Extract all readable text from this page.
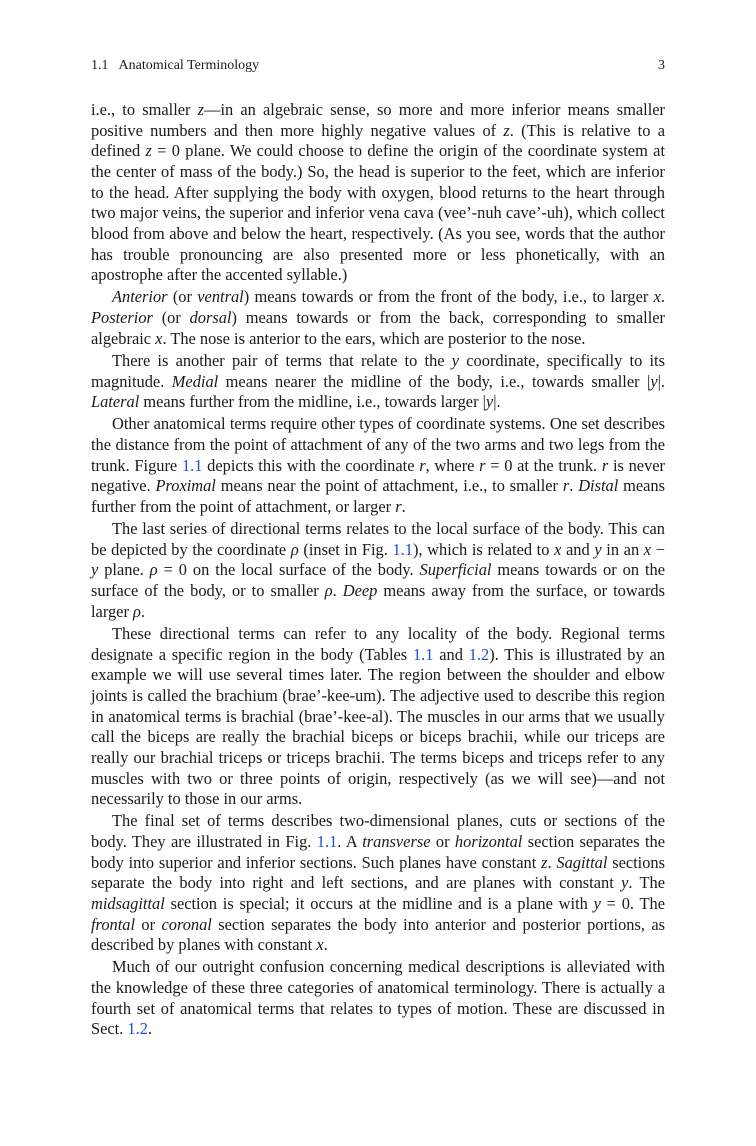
1.1 Anatomical Terminology	3

i.e., to smaller z—in an algebraic sense, so more and more inferior means smaller positive numbers and then more highly negative values of z. (This is relative to a defined z = 0 plane. We could choose to define the origin of the coordinate system at the center of mass of the body.) So, the head is superior to the feet, which are inferior to the head. After supplying the body with oxygen, blood returns to the heart through two major veins, the superior and inferior vena cava (vee’-nuh cave’-uh), which collect blood from above and below the heart, respectively. (As you see, words that the author has trouble pronouncing are also presented more or less phonetically, with an apostrophe after the accented syllable.)

Anterior (or ventral) means towards or from the front of the body, i.e., to larger x. Posterior (or dorsal) means towards or from the back, corresponding to smaller algebraic x. The nose is anterior to the ears, which are posterior to the nose.

There is another pair of terms that relate to the y coordinate, specifically to its magnitude. Medial means nearer the midline of the body, i.e., towards smaller |y|. Lateral means further from the midline, i.e., towards larger |y|.

Other anatomical terms require other types of coordinate systems. One set describes the distance from the point of attachment of any of the two arms and two legs from the trunk. Figure 1.1 depicts this with the coordinate r, where r = 0 at the trunk. r is never negative. Proximal means near the point of attachment, i.e., to smaller r. Distal means further from the point of attachment, or larger r.

The last series of directional terms relates to the local surface of the body. This can be depicted by the coordinate ρ (inset in Fig. 1.1), which is related to x and y in an x − y plane. ρ = 0 on the local surface of the body. Superficial means towards or on the surface of the body, or to smaller ρ. Deep means away from the surface, or towards larger ρ.

These directional terms can refer to any locality of the body. Regional terms designate a specific region in the body (Tables 1.1 and 1.2). This is illustrated by an example we will use several times later. The region between the shoulder and elbow joints is called the brachium (brae’-kee-um). The adjective used to describe this region in anatomical terms is brachial (brae’-kee-al). The muscles in our arms that we usually call the biceps are really the brachial biceps or biceps brachii, while our triceps are really our brachial triceps or triceps brachii. The terms biceps and triceps refer to any muscles with two or three points of origin, respectively (as we will see)—and not necessarily to those in our arms.

The final set of terms describes two-dimensional planes, cuts or sections of the body. They are illustrated in Fig. 1.1. A transverse or horizontal section separates the body into superior and inferior sections. Such planes have constant z. Sagittal sections separate the body into right and left sections, and are planes with constant y. The midsagittal section is special; it occurs at the midline and is a plane with y = 0. The frontal or coronal section separates the body into anterior and posterior portions, as described by planes with constant x.

Much of our outright confusion concerning medical descriptions is alleviated with the knowledge of these three categories of anatomical terminology. There is actually a fourth set of anatomical terms that relates to types of motion. These are discussed in Sect. 1.2.
